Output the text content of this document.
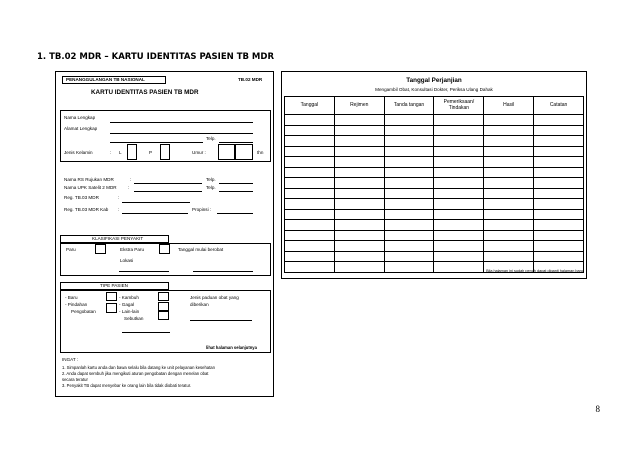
1. TB.02 MDR – KARTU IDENTITAS PASIEN TB MDR
PENANGGULANGAN TB NASIONAL	TB.02 MDR
KARTU IDENTITAS PASIEN TB MDR
Nama Lengkap
Alamat Lengkap
Telp.
Jenis Kelamin	: L	P	Umur :	thn
Nama RS Rujukan MDR	:	Telp.
Nama UPK Satelit 2 MDR :	Telp.
Reg. TB.03 MDR	:
Reg. TB.03 MDR Kab :	Propinsi :
KLASIFIKASI PENYAKIT
Paru	Ekstra Paru
Lokasi
Tanggal mulai berobat
TIPE PASIEN
- Baru
- Pindahan
Pengobatan
- Kambuh
- Gagal
- Lain-lain
Sebutkan
Jenis paduan obat yang
diberikan
lihat halaman selanjutnya
INGAT :
1. Simpanlah kartu anda dan bawa selalu bila datang ke unit pelayanan kesehatan
2. Anda dapat sembuh jika mengikuti aturan pengobatan dengan menelan obat
secara teratur
3. Penyakit TB dapat menyebar ke orang lain bila tidak diobati teratur.
Tanggal Perjanjian
Mengambil Obat, Konsultasi Dokter, Periksa Ulang Dahak
Tanggal	Rejimen	Tanda tangan	Pemeriksaan/ Tindakan	Hasil	Catatan

Bila halaman ini sudah penuh dapat diganti halaman baru
8
